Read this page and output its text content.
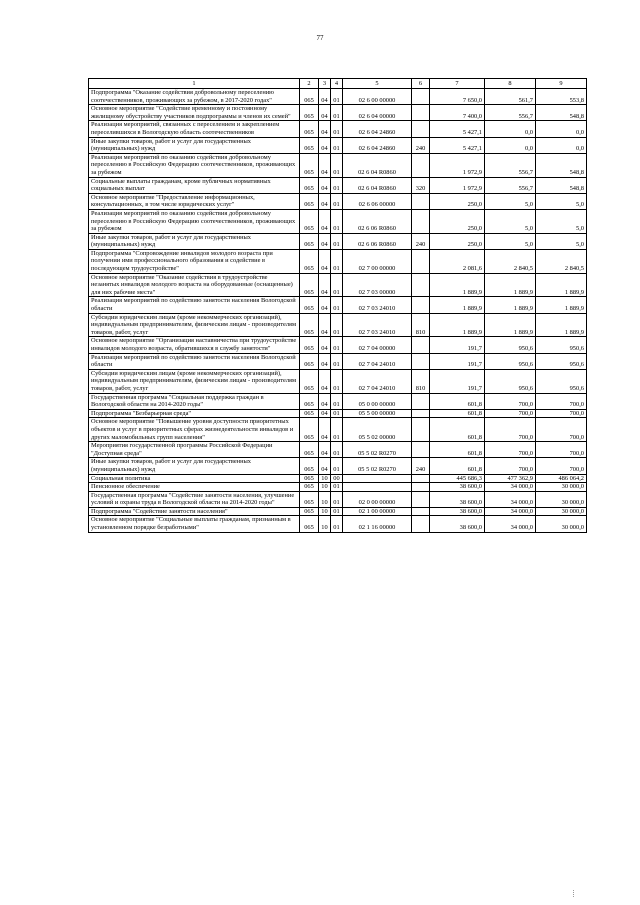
77
1	2	3	4	5	6	7	8	9
Подпрограмма "Оказание содействия добровольному переселению соотечественников, проживающих за рубежом, в 2017-2020 годах"	065	04	01	02 6 00 00000		7 650,0	561,7	553,8
Основное мероприятие "Содействие временному и постоянному жилищному обустройству участников подпрограммы и членов их семей"	065	04	01	02 6 04 00000		7 400,0	556,7	548,8
Реализация мероприятий, связанных с переселением и закреплением переселившихся в Вологодскую область соотечественников	065	04	01	02 6 04 24860		5 427,1	0,0	0,0
Иные закупки товаров, работ и услуг для государственных (муниципальных) нужд	065	04	01	02 6 04 24860	240	5 427,1	0,0	0,0
Реализация мероприятий по оказанию содействия добровольному переселению в Российскую Федерацию соотечественников, проживающих за рубежом	065	04	01	02 6 04 R0860		1 972,9	556,7	548,8
Социальные выплаты гражданам, кроме публичных нормативных социальных выплат	065	04	01	02 6 04 R0860	320	1 972,9	556,7	548,8
Основное мероприятие "Предоставление информационных, консультационных, в том числе юридических услуг"	065	04	01	02 6 06 00000		250,0	5,0	5,0
Реализация мероприятий по оказанию содействия добровольному переселению в Российскую Федерацию соотечественников, проживающих за рубежом	065	04	01	02 6 06 R0860		250,0	5,0	5,0
Иные закупки товаров, работ и услуг для государственных (муниципальных) нужд	065	04	01	02 6 06 R0860	240	250,0	5,0	5,0
Подпрограмма "Сопровождение инвалидов молодого возраста при получении ими профессионального образования и содействие в последующем трудоустройстве"	065	04	01	02 7 00 00000		2 081,6	2 840,5	2 840,5
Основное мероприятие "Оказание содействия в трудоустройстве незанятых инвалидов молодого возраста на оборудованные (оснащенные) для них рабочие места"	065	04	01	02 7 03 00000		1 889,9	1 889,9	1 889,9
Реализация мероприятий по содействию занятости населения Вологодской области	065	04	01	02 7 03 24010		1 889,9	1 889,9	1 889,9
Субсидии юридическим лицам (кроме некоммерческих организаций), индивидуальным предпринимателям, физическим лицам - производителям товаров, работ, услуг	065	04	01	02 7 03 24010	810	1 889,9	1 889,9	1 889,9
Основное мероприятие "Организация наставничества при трудоустройстве инвалидов молодого возраста, обратившихся в службу занятости"	065	04	01	02 7 04 00000		191,7	950,6	950,6
Реализация мероприятий по содействию занятости населения Вологодской области	065	04	01	02 7 04 24010		191,7	950,6	950,6
Субсидии юридическим лицам (кроме некоммерческих организаций), индивидуальным предпринимателям, физическим лицам - производителям товаров, работ, услуг	065	04	01	02 7 04 24010	810	191,7	950,6	950,6
Государственная программа "Социальная поддержка граждан в Вологодской области на 2014-2020 годы"	065	04	01	05 0 00 00000		601,8	700,0	700,0
Подпрограмма "Безбарьерная среда"	065	04	01	05 5 00 00000		601,8	700,0	700,0
Основное мероприятие "Повышение уровня доступности приоритетных объектов и услуг в приоритетных сферах жизнедеятельности инвалидов и других маломобильных групп населения"	065	04	01	05 5 02 00000		601,8	700,0	700,0
Мероприятия государственной программы Российской Федерации "Доступная среда"	065	04	01	05 5 02 R0270		601,8	700,0	700,0
Иные закупки товаров, работ и услуг для государственных (муниципальных) нужд	065	04	01	05 5 02 R0270	240	601,8	700,0	700,0
Социальная политика	065	10	00			445 686,3	477 362,9	486 064,2
Пенсионное обеспечение	065	10	01			38 600,0	34 000,0	30 000,0
Государственная программа "Содействие занятости населения, улучшение условий и охраны труда в Вологодской области на 2014-2020 годы"	065	10	01	02 0 00 00000		38 600,0	34 000,0	30 000,0
Подпрограмма "Содействие занятости населения"	065	10	01	02 1 00 00000		38 600,0	34 000,0	30 000,0
Основное мероприятие "Социальные выплаты гражданам, признанным в установленном порядке безработными"	065	10	01	02 1 16 00000		38 600,0	34 000,0	30 000,0
